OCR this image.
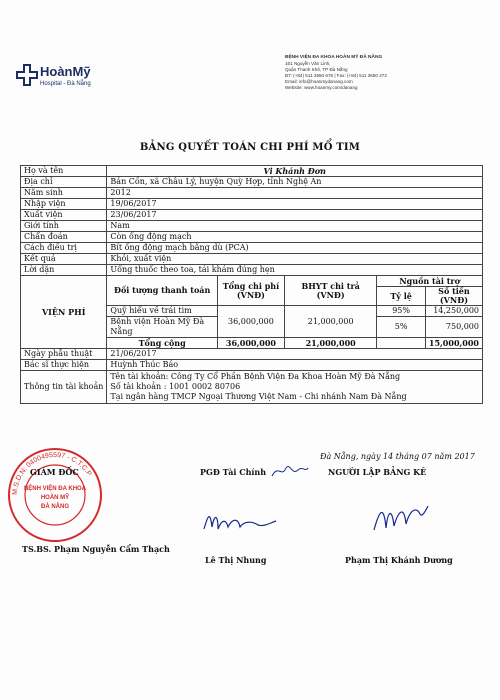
HoànMỹ
Hospital - Đà Nẵng
BỆNH VIỆN ĐA KHOA HOÀN MỸ ĐÀ NẴNG
161 Nguyễn Văn Linh,
Quận Thanh Khê, TP Đà Nẵng
ĐT: (+84) 511 3650 676 | Fax: (+84) 511 3650 272
Email: info@hoanmydanang.com
Website: www.hoanmy.com/danang
BẢNG QUYẾT TOÁN CHI PHÍ MỔ TIM
Họ và tên	Vi Khánh Đơn				
Địa chỉ	Bản Cồn, xã Châu Lý, huyện Quỳ Hợp, tỉnh Nghệ An				
Năm sinh	2012				
Nhập viện	19/06/2017				
Xuất viện	23/06/2017				
Giới tính	Nam				
Chẩn đoán	Còn ống động mạch				
Cách điều trị	Bít ống động mạch bằng dù (PCA)				
Kết quả	Khỏi, xuất viện				
Lời dặn	Uống thuốc theo toa, tái khám đúng hẹn				
VIỆN PHÍ	Đối tượng thanh toán	Tổng chi phí (VNĐ)	BHYT chi trả (VNĐ)	Nguồn tài trợ	
				Tỷ lệ	Số tiền (VNĐ)
	Quỹ hiểu về trái tim	36,000,000	21,000,000	95%	14,250,000
	Bệnh viện Hoàn Mỹ Đà Nẵng			5%	750,000
	Tổng cộng	36,000,000	21,000,000		15,000,000
Ngày phẫu thuật	21/06/2017				
Bác sĩ thực hiện	Huỳnh Thúc Bảo				
Thông tin tài khoản	Tên tài khoản: Công Ty Cổ Phần Bệnh Viện Đa Khoa Hoàn Mỹ Đà Nẵng
Số tài khoản : 1001 0002 80706
Tại ngân hàng TMCP Ngoại Thương Việt Nam - Chi nhánh Nam Đà Nẵng				
Đà Nẵng, ngày 14 tháng 07 năm 2017
M.S.D.N: 0400495597 - C.T.C.P
BỆNH VIỆN ĐA KHOA
HOÀN MỸ
ĐÀ NẴNG
GIÁM ĐỐC
TS.BS. Phạm Nguyễn Cẩm Thạch
PGĐ Tài Chính
Lê Thị Nhung
NGƯỜI LẬP BẢNG KÊ
Phạm Thị Khánh Dương
